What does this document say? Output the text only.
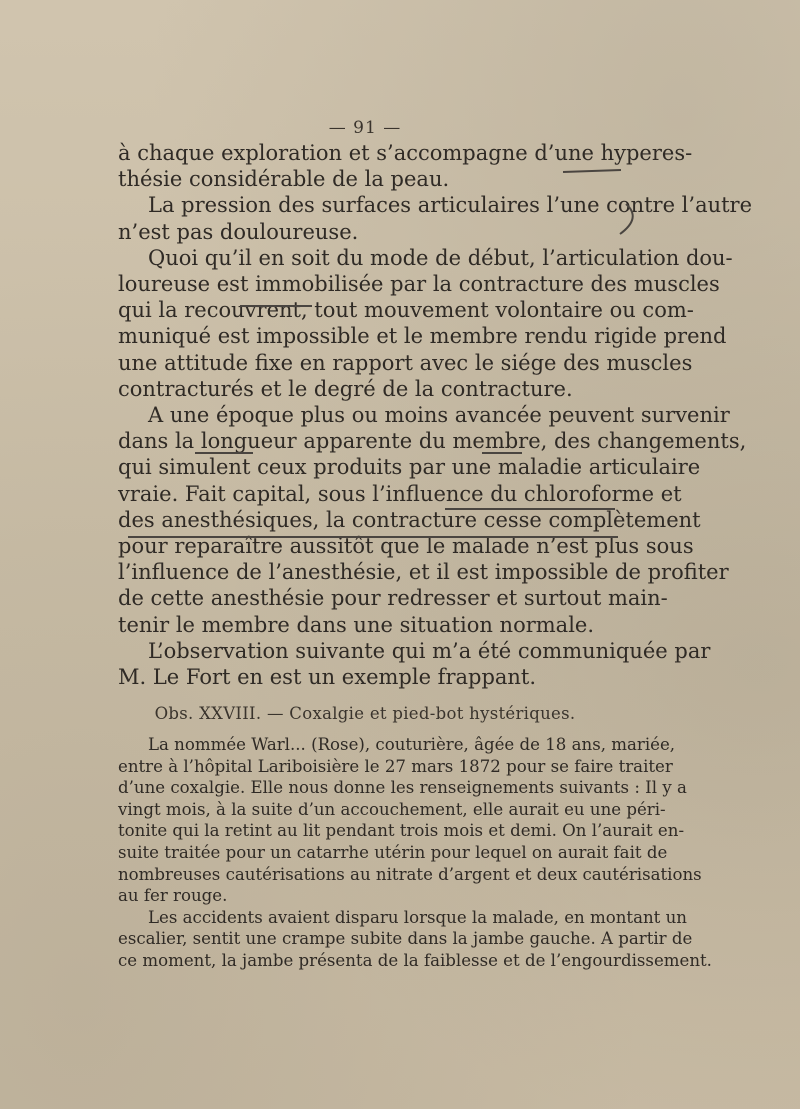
— 91 —
à chaque exploration et s’accompagne d’une hyperes-
thésie considérable de la peau.
La pression des surfaces articulaires l’une contre l’autre
n’est pas douloureuse.
Quoi qu’il en soit du mode de début, l’articulation dou-
loureuse est immobilisée par la contracture des muscles
qui la recouvrent, tout mouvement volontaire ou com-
muniqué est impossible et le membre rendu rigide prend
une attitude fixe en rapport avec le siége des muscles
contracturés et le degré de la contracture.
A une époque plus ou moins avancée peuvent survenir
dans la longueur apparente du membre, des changements,
qui simulent ceux produits par une maladie articulaire
vraie. Fait capital, sous l’influence du chloroforme et
des anesthésiques, la contracture cesse complètement
pour reparaître aussitôt que le malade n’est plus sous
l’influence de l’anesthésie, et il est impossible de profiter
de cette anesthésie pour redresser et surtout main-
tenir le membre dans une situation normale.
L’observation suivante qui m’a été communiquée par
M. Le Fort en est un exemple frappant.
Obs. XXVIII. — Coxalgie et pied-bot hystériques.
La nommée Warl... (Rose), couturière, âgée de 18 ans, mariée,
entre à l’hôpital Lariboisière le 27 mars 1872 pour se faire traiter
d’une coxalgie. Elle nous donne les renseignements suivants : Il y a
vingt mois, à la suite d’un accouchement, elle aurait eu une péri-
tonite qui la retint au lit pendant trois mois et demi. On l’aurait en-
suite traitée pour un catarrhe utérin pour lequel on aurait fait de
nombreuses cautérisations au nitrate d’argent et deux cautérisations
au fer rouge.
Les accidents avaient disparu lorsque la malade, en montant un
escalier, sentit une crampe subite dans la jambe gauche. A partir de
ce moment, la jambe présenta de la faiblesse et de l’engourdissement.
